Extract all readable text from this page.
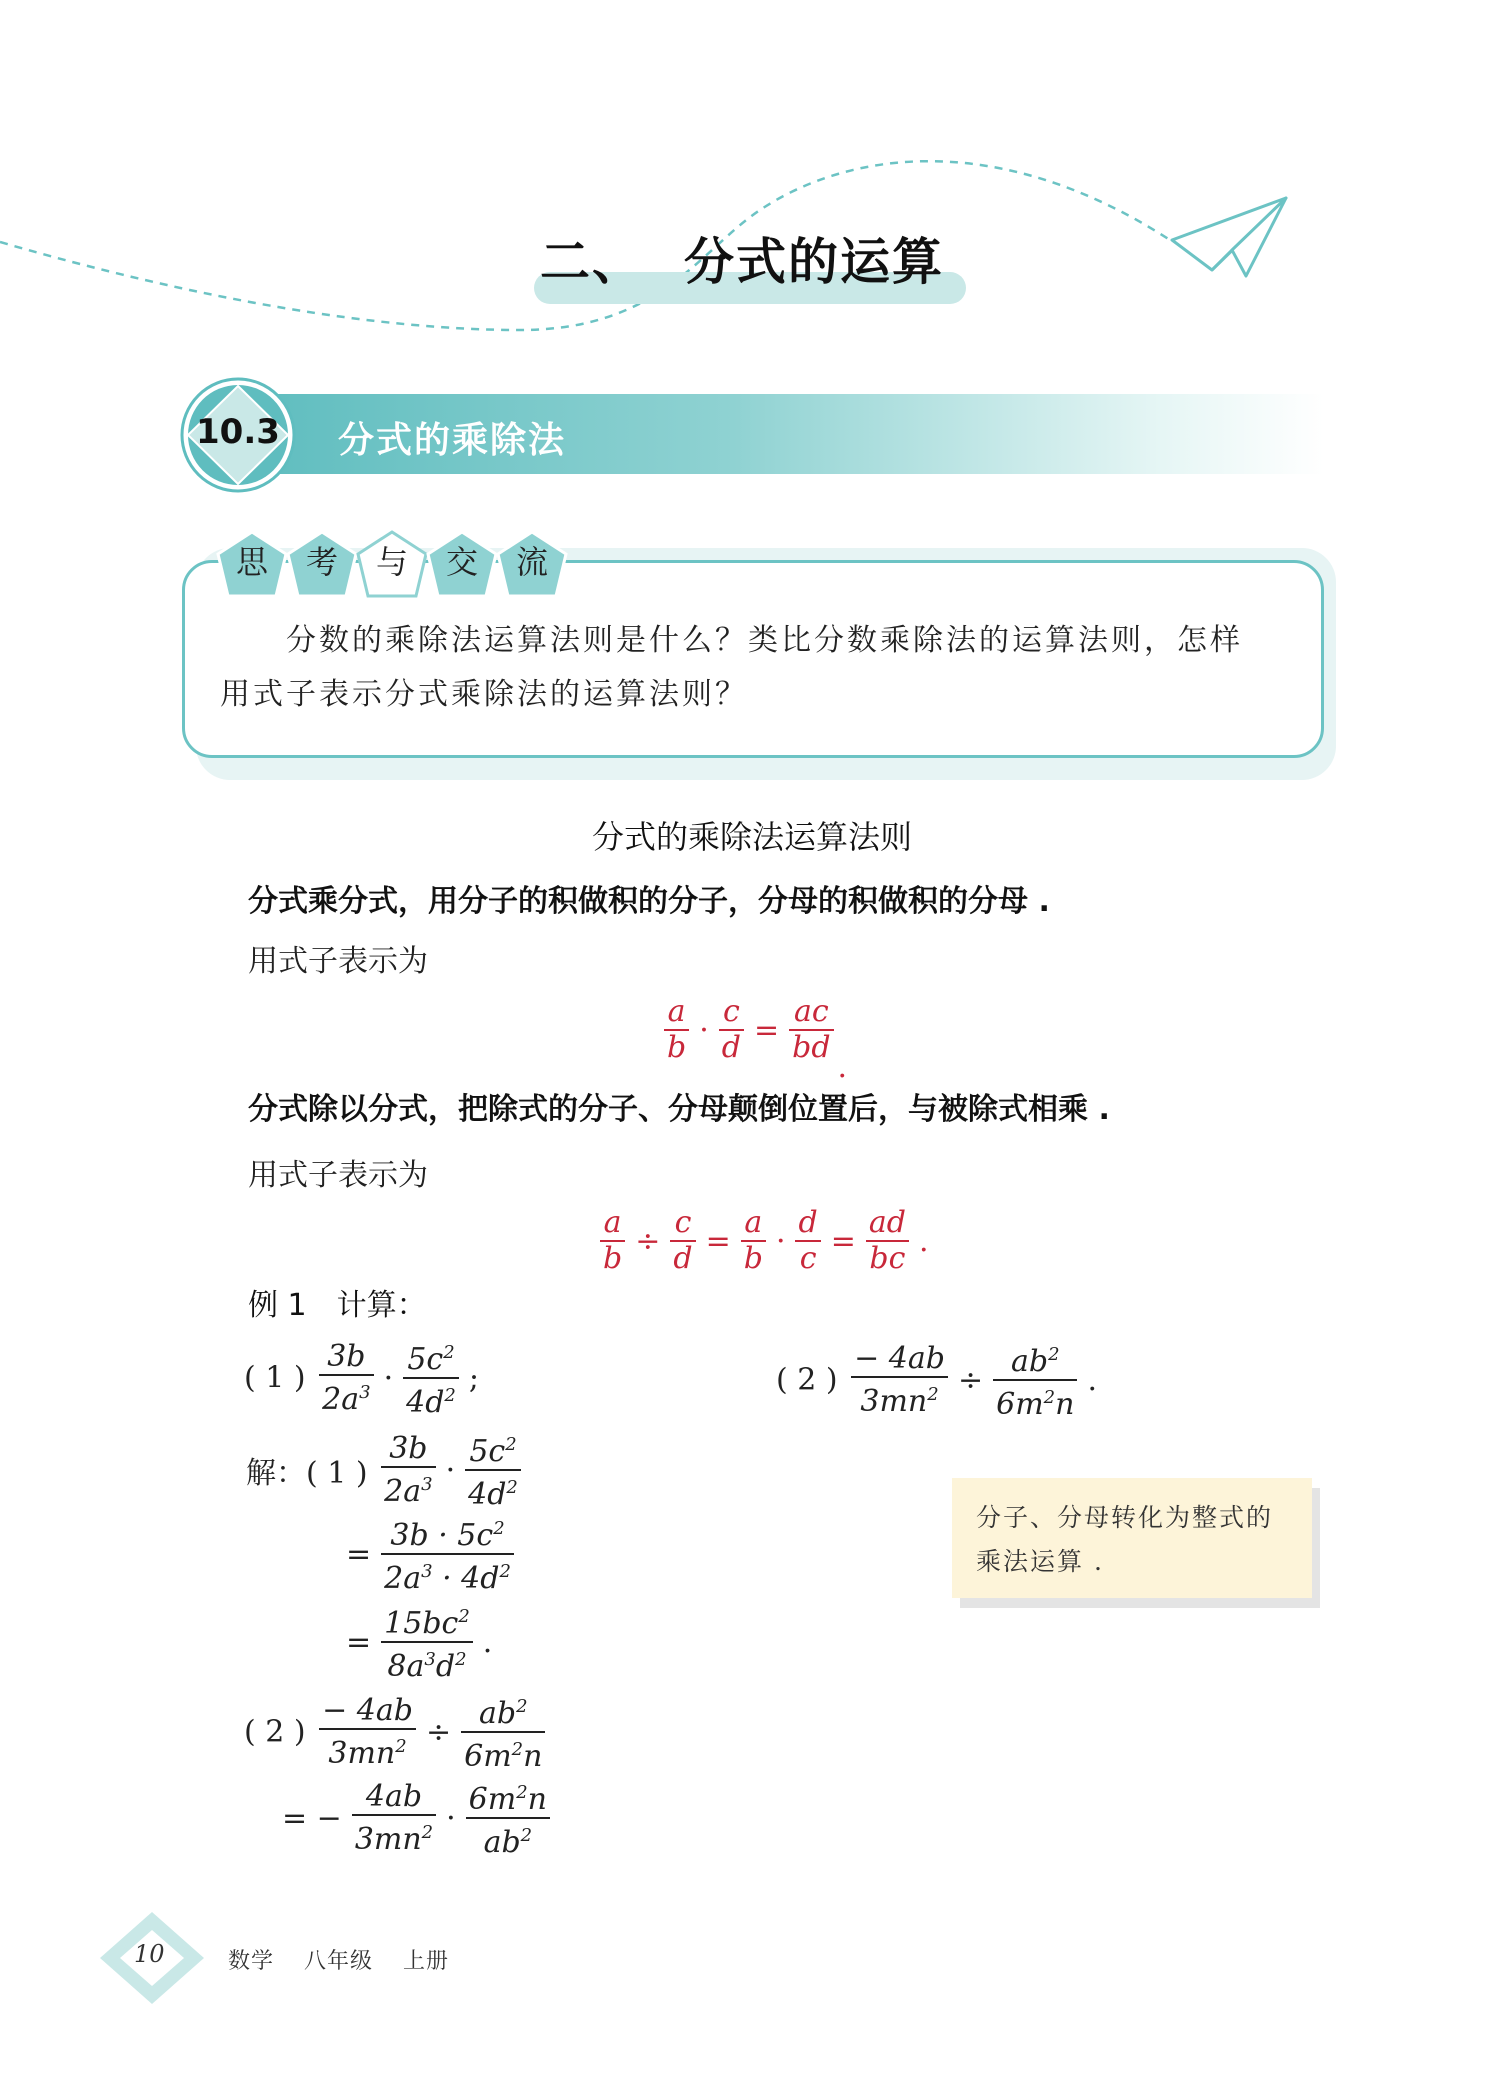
二、 分式的运算
10.3 分式的乘除法
思	考	与	交	流
分数的乘除法运算法则是什么？类比分数乘除法的运算法则，怎样
用式子表示分式乘除法的运算法则？
分式的乘除法运算法则
分式乘分式，用分子的积做积的分子，分母的积做积的分母 .
用式子表示为
$\frac{a}{b} \cdot \frac{c}{d} = \frac{ac}{bd}$
.
分式除以分式，把除式的分子、分母颠倒位置后，与被除式相乘 .
用式子表示为
$\frac{a}{b} \div \frac{c}{d} = \frac{a}{b} \cdot \frac{d}{c} = \frac{ad}{bc}$ .
例 1　计算：
( 1 ) $\frac{3b}{2a^3} \cdot \frac{5c^2}{4d^2}$ ;	( 2 ) $\frac{- 4ab}{3mn^2} \div \frac{ab^2}{6m^2n}$ .
解：( 1 ) $\frac{3b}{2a^3} \cdot \frac{5c^2}{4d^2}$
= $\frac{3b \cdot 5c^2}{2a^3 \cdot 4d^2}$
= $\frac{15bc^2}{8a^3d^2}$ .
( 2 ) $\frac{- 4ab}{3mn^2} \div \frac{ab^2}{6m^2n}$
= − $\frac{4ab}{3mn^2} \cdot \frac{6m^2n}{ab^2}$
分子、分母转化为整式的
乘法运算 .
10	数学 八年级 上册
